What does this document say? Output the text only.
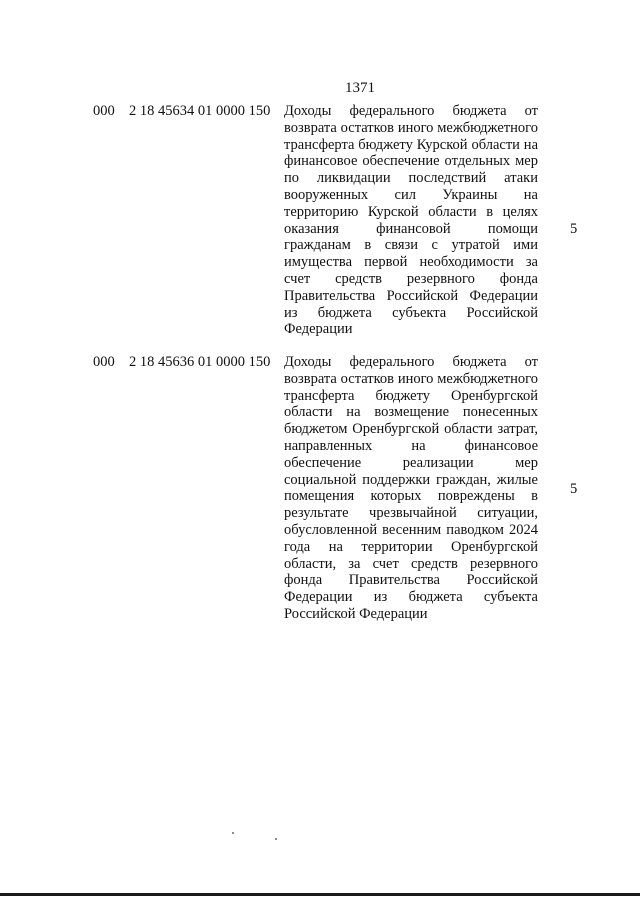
1371
000 2 18 45634 01 0000 150 Доходы федерального бюджета от возврата остатков иного межбюджетного трансферта бюджету Курской области на финансовое обеспечение отдельных мер по ликвидации последствий атаки вооруженных сил Украины на территорию Курской области в целях оказания финансовой помощи гражданам в связи с утратой ими имущества первой необходимости за счет средств резервного фонда Правительства Российской Федерации из бюджета субъекта Российской Федерации

5
000 2 18 45636 01 0000 150 Доходы федерального бюджета от возврата остатков иного межбюджетного трансферта бюджету Оренбургской области на возмещение понесенных бюджетом Оренбургской области затрат, направленных на финансовое обеспечение реализации мер социальной поддержки граждан, жилые помещения которых повреждены в результате чрезвычайной ситуации, обусловленной весенним паводком 2024 года на территории Оренбургской области, за счет средств резервного фонда Правительства Российской Федерации из бюджета субъекта Российской Федерации

5
